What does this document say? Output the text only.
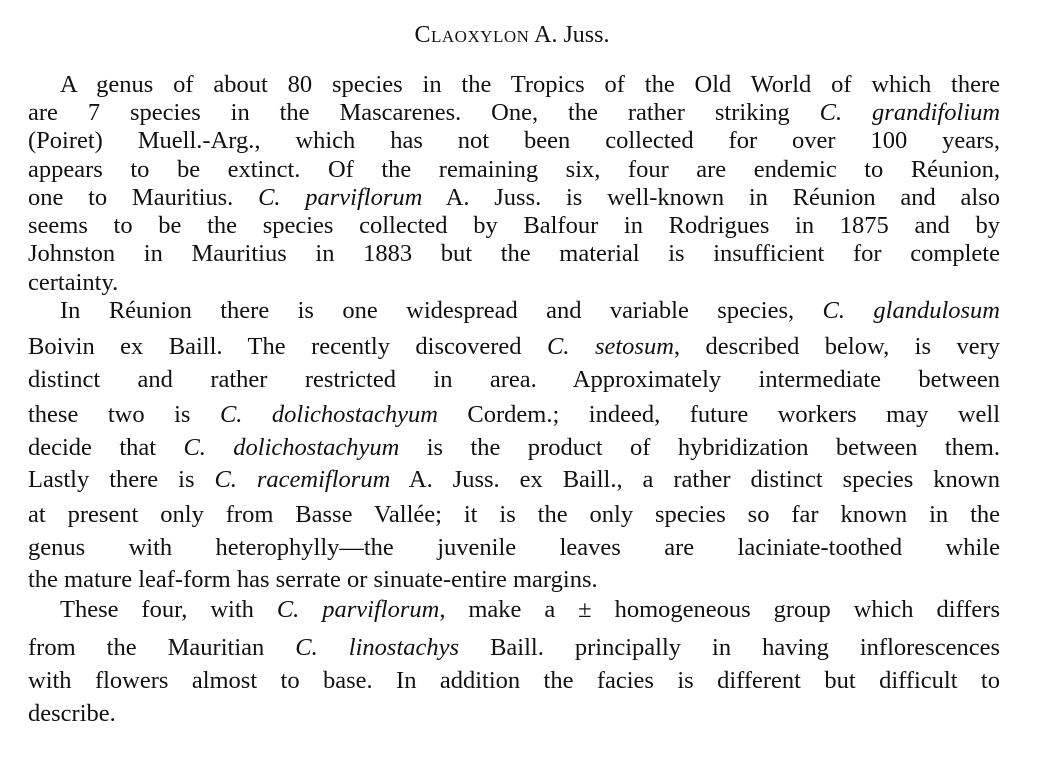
Claoxylon A. Juss.
A genus of about 80 species in the Tropics of the Old World of which there
are 7 species in the Mascarenes. One, the rather striking C. grandifolium
(Poiret) Muell.-Arg., which has not been collected for over 100 years,
appears to be extinct. Of the remaining six, four are endemic to Réunion,
one to Mauritius. C. parviflorum A. Juss. is well-known in Réunion and also
seems to be the species collected by Balfour in Rodrigues in 1875 and by
Johnston in Mauritius in 1883 but the material is insufficient for complete
certainty.
In Réunion there is one widespread and variable species, C. glandulosum
Boivin ex Baill. The recently discovered C. setosum, described below, is very
distinct and rather restricted in area. Approximately intermediate between
these two is C. dolichostachyum Cordem.; indeed, future workers may well
decide that C. dolichostachyum is the product of hybridization between them.
Lastly there is C. racemiflorum A. Juss. ex Baill., a rather distinct species known
at present only from Basse Vallée; it is the only species so far known in the
genus with heterophylly—the juvenile leaves are laciniate-toothed while
the mature leaf-form has serrate or sinuate-entire margins.
These four, with C. parviflorum, make a ± homogeneous group which differs
from the Mauritian C. linostachys Baill. principally in having inflorescences
with flowers almost to base. In addition the facies is different but difficult to
describe.
